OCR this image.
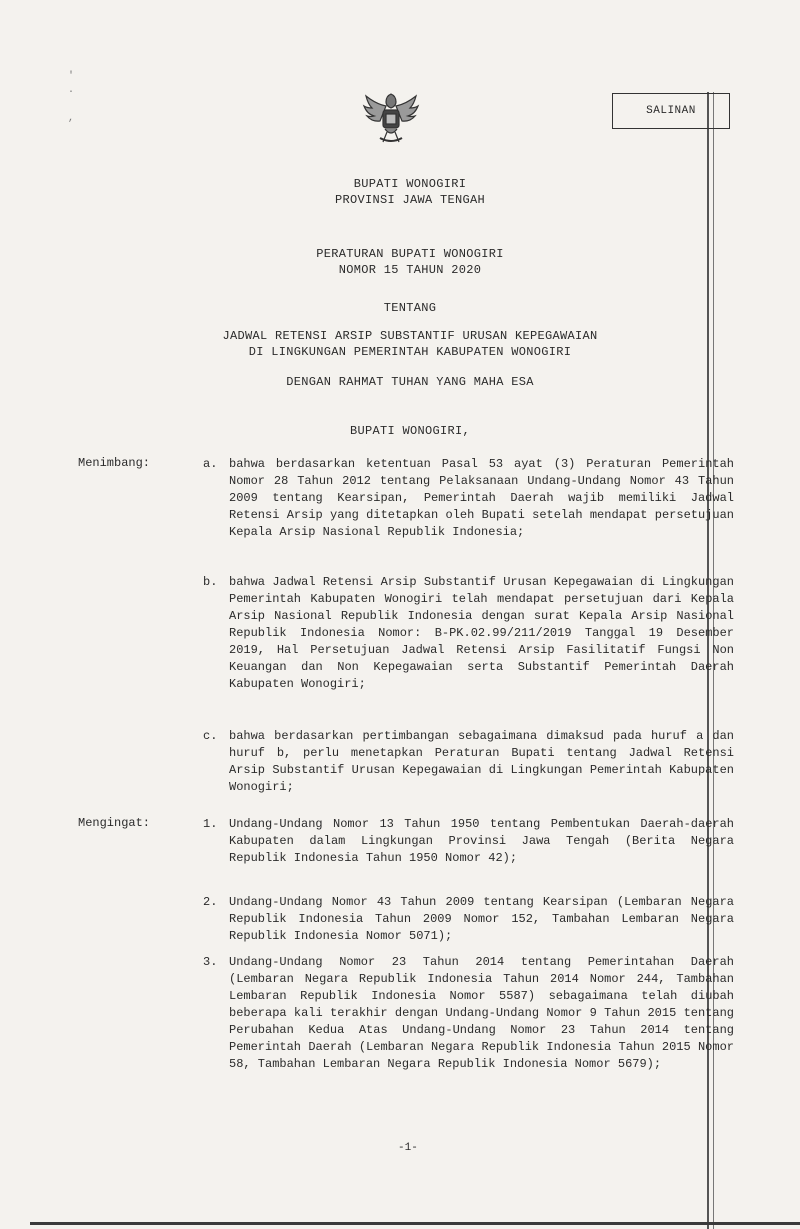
'
.

,
SALINAN
BUPATI WONOGIRI
PROVINSI JAWA TENGAH
PERATURAN BUPATI WONOGIRI
NOMOR 15 TAHUN 2020
TENTANG
JADWAL RETENSI ARSIP SUBSTANTIF URUSAN KEPEGAWAIAN
DI LINGKUNGAN PEMERINTAH KABUPATEN WONOGIRI
DENGAN RAHMAT TUHAN YANG MAHA ESA
BUPATI WONOGIRI,
Menimbang:	a. bahwa berdasarkan ketentuan Pasal 53 ayat (3) Peraturan Pemerintah Nomor 28 Tahun 2012 tentang Pelaksanaan Undang-Undang Nomor 43 Tahun 2009 tentang Kearsipan, Pemerintah Daerah wajib memiliki Jadwal Retensi Arsip yang ditetapkan oleh Bupati setelah mendapat persetujuan Kepala Arsip Nasional Republik Indonesia;
b. bahwa Jadwal Retensi Arsip Substantif Urusan Kepegawaian di Lingkungan Pemerintah Kabupaten Wonogiri telah mendapat persetujuan dari Kepala Arsip Nasional Republik Indonesia dengan surat Kepala Arsip Nasional Republik Indonesia Nomor: B-PK.02.99/211/2019 Tanggal 19 Desember 2019, Hal Persetujuan Jadwal Retensi Arsip Fasilitatif Fungsi Non Keuangan dan Non Kepegawaian serta Substantif Pemerintah Daerah Kabupaten Wonogiri;
c. bahwa berdasarkan pertimbangan sebagaimana dimaksud pada huruf a dan huruf b, perlu menetapkan Peraturan Bupati tentang Jadwal Retensi Arsip Substantif Urusan Kepegawaian di Lingkungan Pemerintah Kabupaten Wonogiri;
Mengingat:	1. Undang-Undang Nomor 13 Tahun 1950 tentang Pembentukan Daerah-daerah Kabupaten dalam Lingkungan Provinsi Jawa Tengah (Berita Negara Republik Indonesia Tahun 1950 Nomor 42);
2. Undang-Undang Nomor 43 Tahun 2009 tentang Kearsipan (Lembaran Negara Republik Indonesia Tahun 2009 Nomor 152, Tambahan Lembaran Negara Republik Indonesia Nomor 5071);
3. Undang-Undang Nomor 23 Tahun 2014 tentang Pemerintahan Daerah (Lembaran Negara Republik Indonesia Tahun 2014 Nomor 244, Tambahan Lembaran Republik Indonesia Nomor 5587) sebagaimana telah diubah beberapa kali terakhir dengan Undang-Undang Nomor 9 Tahun 2015 tentang Perubahan Kedua Atas Undang-Undang Nomor 23 Tahun 2014 tentang Pemerintah Daerah (Lembaran Negara Republik Indonesia Tahun 2015 Nomor 58, Tambahan Lembaran Negara Republik Indonesia Nomor 5679);
-1-
